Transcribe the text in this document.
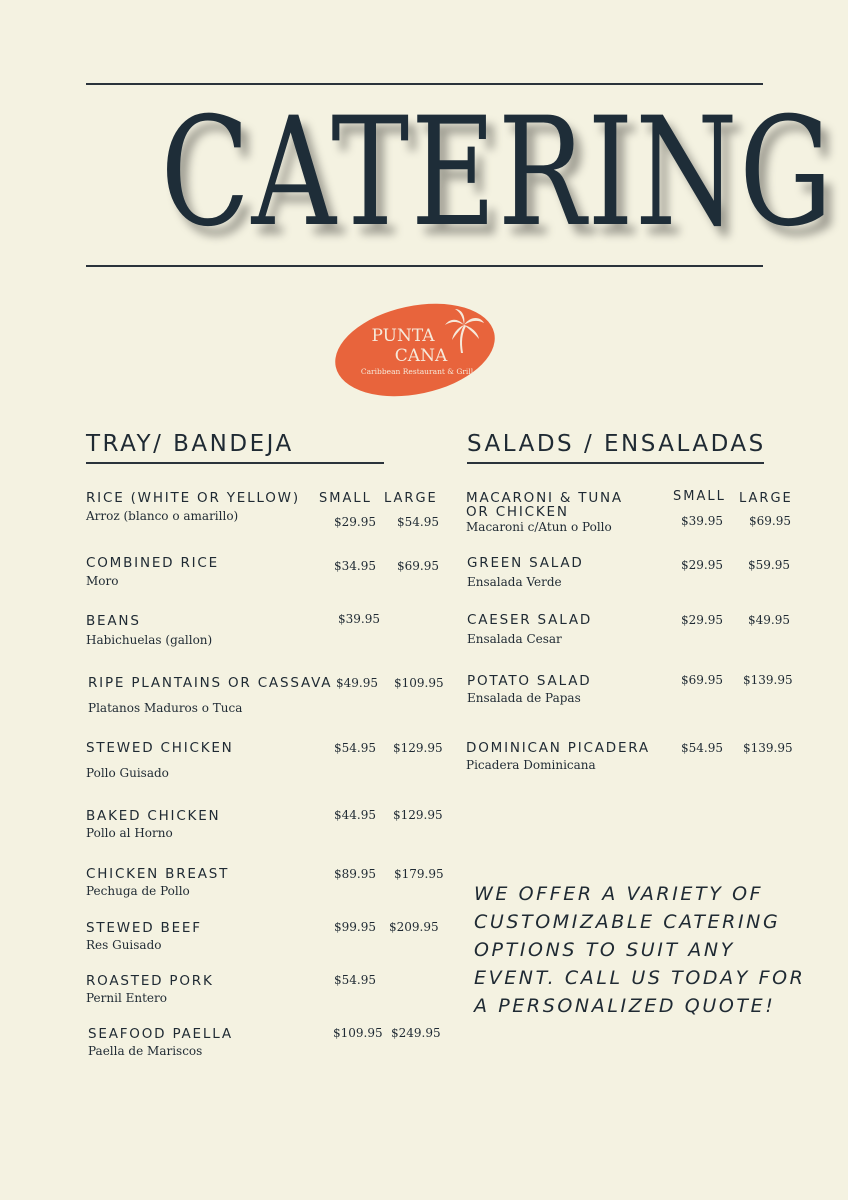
CATERING
PUNTA
CANA
Caribbean Restaurant & Grill
TRAY/ BANDEJA
SMALL LARGE
RICE (WHITE OR YELLOW)
Arroz (blanco o amarillo)	$29.95 $54.95
COMBINED RICE
Moro
$34.95 $69.95
BEANS
Habichuelas (gallon)
$39.95
RIPE PLANTAINS OR CASSAVA
Platanos Maduros o Tuca
$49.95 $109.95
STEWED CHICKEN
Pollo Guisado
$54.95 $129.95
BAKED CHICKEN
Pollo al Horno
$44.95 $129.95
CHICKEN BREAST
Pechuga de Pollo
$89.95 $179.95
STEWED BEEF
Res Guisado
$99.95 $209.95
ROASTED PORK
Pernil Entero
$54.95
SEAFOOD PAELLA
Paella de Mariscos
$109.95 $249.95
SALADS / ENSALADAS
SMALL LARGE
MACARONI & TUNA
OR CHICKEN
Macaroni c/Atun o Pollo	$39.95 $69.95
GREEN SALAD
Ensalada Verde
$29.95 $59.95
CAESER SALAD
Ensalada Cesar
$29.95 $49.95
POTATO SALAD
Ensalada de Papas
$69.95 $139.95
DOMINICAN PICADERA
Picadera Dominicana
$54.95 $139.95
WE OFFER A VARIETY OF CUSTOMIZABLE CATERING OPTIONS TO SUIT ANY EVENT. CALL US TODAY FOR A PERSONALIZED QUOTE!
